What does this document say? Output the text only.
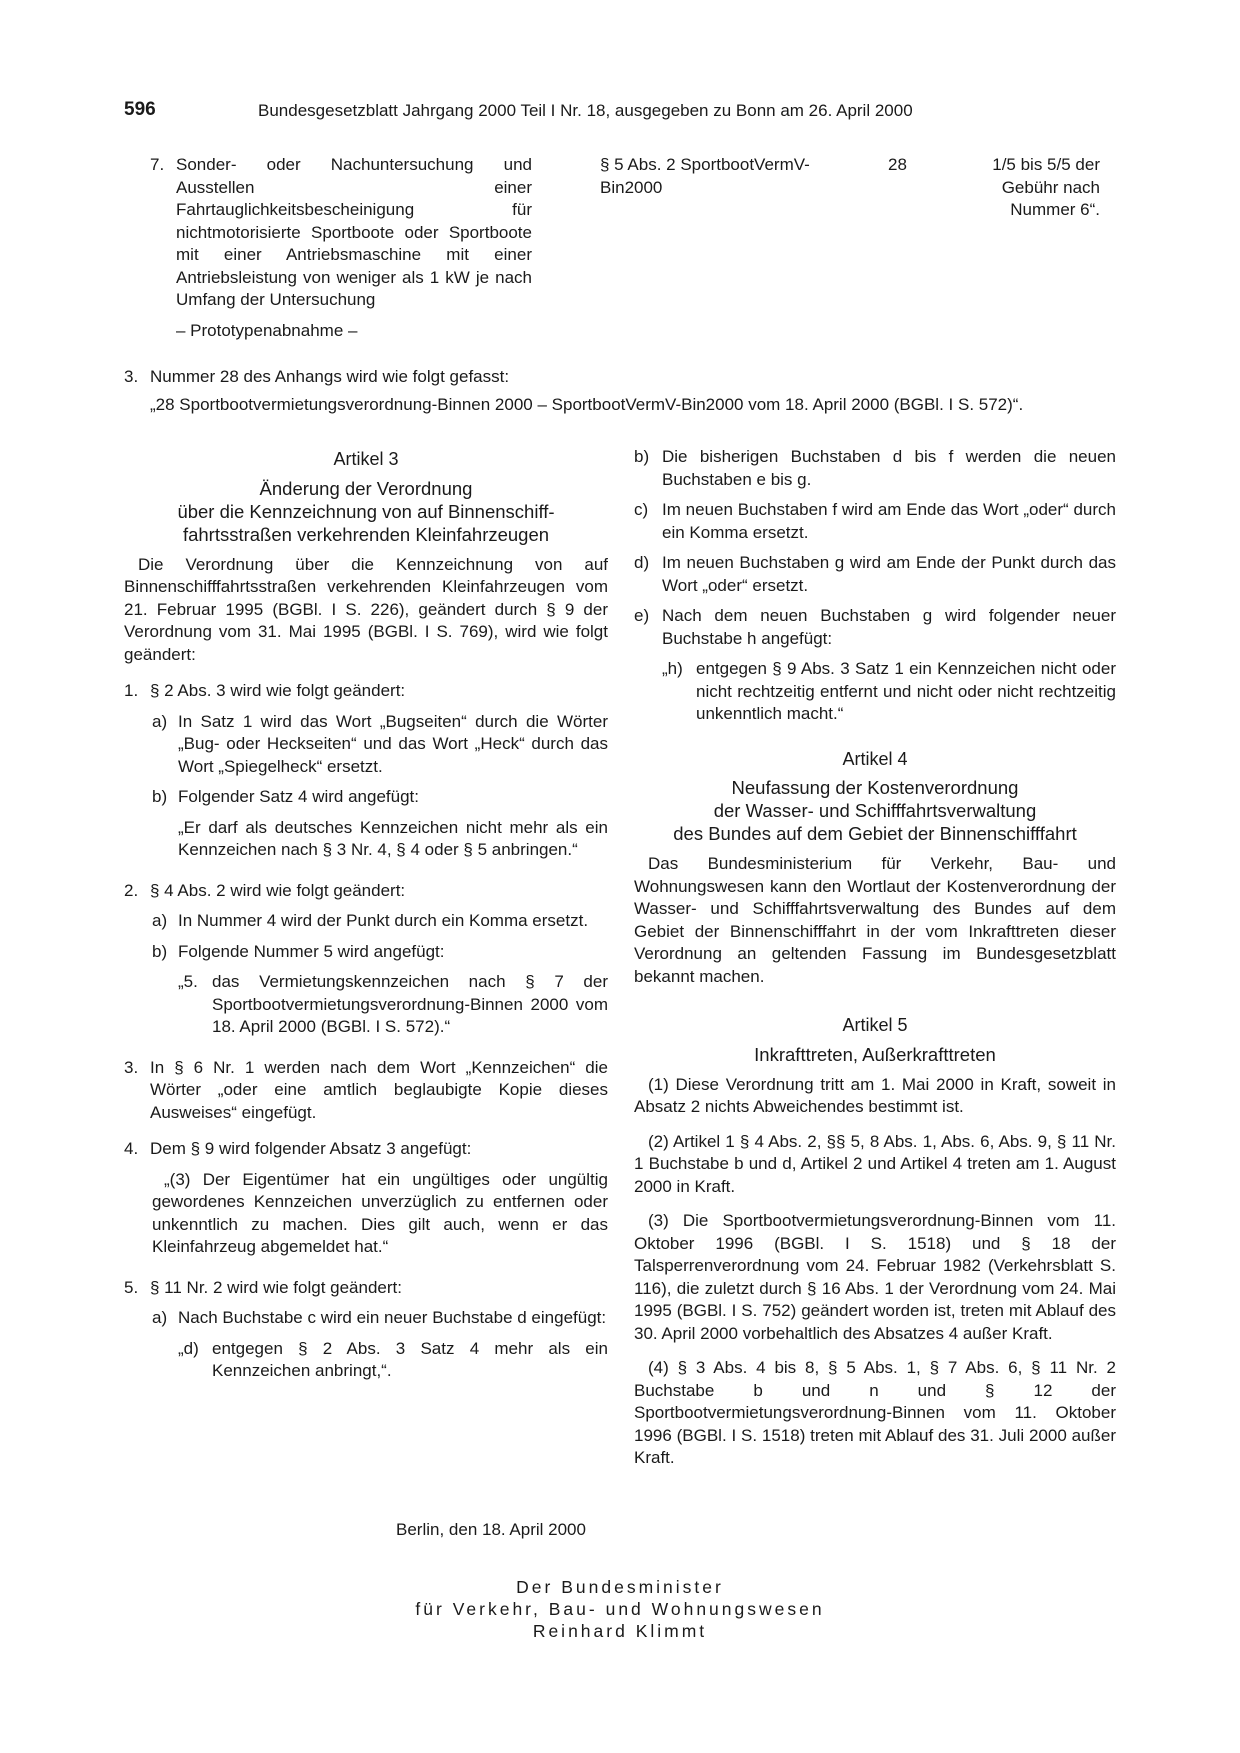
596	Bundesgesetzblatt Jahrgang 2000 Teil I Nr. 18, ausgegeben zu Bonn am 26. April 2000
7. Sonder- oder Nachuntersuchung und Ausstellen einer Fahrtauglichkeitsbescheinigung für nichtmotorisierte Sportboote oder Sportboote mit einer Antriebsmaschine mit einer Antriebsleistung von weniger als 1 kW je nach Umfang der Untersuchung
– Prototypenabnahme –
§ 5 Abs. 2 SportbootVermV-Bin2000
28	1/5 bis 5/5 der Gebühr nach Nummer 6“.
3. Nummer 28 des Anhangs wird wie folgt gefasst:
„28 Sportbootvermietungsverordnung-Binnen 2000 – SportbootVermV-Bin2000 vom 18. April 2000 (BGBl. I S. 572)“.
Artikel 3
Änderung der Verordnung
über die Kennzeichnung von auf Binnenschiff-
fahrtsstraßen verkehrenden Kleinfahrzeugen

Die Verordnung über die Kennzeichnung von auf Binnenschifffahrtsstraßen verkehrenden Kleinfahrzeugen vom 21. Februar 1995 (BGBl. I S. 226), geändert durch § 9 der Verordnung vom 31. Mai 1995 (BGBl. I S. 769), wird wie folgt geändert:

1. § 2 Abs. 3 wird wie folgt geändert:
a) In Satz 1 wird das Wort „Bugseiten“ durch die Wörter „Bug- oder Heckseiten“ und das Wort „Heck“ durch das Wort „Spiegelheck“ ersetzt.
b) Folgender Satz 4 wird angefügt:
„Er darf als deutsches Kennzeichen nicht mehr als ein Kennzeichen nach § 3 Nr. 4, § 4 oder § 5 anbringen.“
2. § 4 Abs. 2 wird wie folgt geändert:
a) In Nummer 4 wird der Punkt durch ein Komma ersetzt.
b) Folgende Nummer 5 wird angefügt:
„5. das Vermietungskennzeichen nach § 7 der Sportbootvermietungsverordnung-Binnen 2000 vom 18. April 2000 (BGBl. I S. 572).“
3. In § 6 Nr. 1 werden nach dem Wort „Kennzeichen“ die Wörter „oder eine amtlich beglaubigte Kopie dieses Ausweises“ eingefügt.
4. Dem § 9 wird folgender Absatz 3 angefügt:
„(3) Der Eigentümer hat ein ungültiges oder ungültig gewordenes Kennzeichen unverzüglich zu entfernen oder unkenntlich zu machen. Dies gilt auch, wenn er das Kleinfahrzeug abgemeldet hat.“
5. § 11 Nr. 2 wird wie folgt geändert:
a) Nach Buchstabe c wird ein neuer Buchstabe d eingefügt:
„d) entgegen § 2 Abs. 3 Satz 4 mehr als ein Kennzeichen anbringt,“.
b) Die bisherigen Buchstaben d bis f werden die neuen Buchstaben e bis g.
c) Im neuen Buchstaben f wird am Ende das Wort „oder“ durch ein Komma ersetzt.
d) Im neuen Buchstaben g wird am Ende der Punkt durch das Wort „oder“ ersetzt.
e) Nach dem neuen Buchstaben g wird folgender neuer Buchstabe h angefügt:
„h) entgegen § 9 Abs. 3 Satz 1 ein Kennzeichen nicht oder nicht rechtzeitig entfernt und nicht oder nicht rechtzeitig unkenntlich macht.“
Artikel 4
Neufassung der Kostenverordnung
der Wasser- und Schifffahrtsverwaltung
des Bundes auf dem Gebiet der Binnenschifffahrt

Das Bundesministerium für Verkehr, Bau- und Wohnungswesen kann den Wortlaut der Kostenverordnung der Wasser- und Schifffahrtsverwaltung des Bundes auf dem Gebiet der Binnenschifffahrt in der vom Inkrafttreten dieser Verordnung an geltenden Fassung im Bundesgesetzblatt bekannt machen.

Artikel 5
Inkrafttreten, Außerkrafttreten

(1) Diese Verordnung tritt am 1. Mai 2000 in Kraft, soweit in Absatz 2 nichts Abweichendes bestimmt ist.

(2) Artikel 1 § 4 Abs. 2, §§ 5, 8 Abs. 1, Abs. 6, Abs. 9, § 11 Nr. 1 Buchstabe b und d, Artikel 2 und Artikel 4 treten am 1. August 2000 in Kraft.

(3) Die Sportbootvermietungsverordnung-Binnen vom 11. Oktober 1996 (BGBl. I S. 1518) und § 18 der Talsperrenverordnung vom 24. Februar 1982 (Verkehrsblatt S. 116), die zuletzt durch § 16 Abs. 1 der Verordnung vom 24. Mai 1995 (BGBl. I S. 752) geändert worden ist, treten mit Ablauf des 30. April 2000 vorbehaltlich des Absatzes 4 außer Kraft.

(4) § 3 Abs. 4 bis 8, § 5 Abs. 1, § 7 Abs. 6, § 11 Nr. 2 Buchstabe b und n und § 12 der Sportbootvermietungsverordnung-Binnen vom 11. Oktober 1996 (BGBl. I S. 1518) treten mit Ablauf des 31. Juli 2000 außer Kraft.

Berlin, den 18. April 2000
Der Bundesminister
für Verkehr, Bau- und Wohnungswesen
Reinhard Klimmt
